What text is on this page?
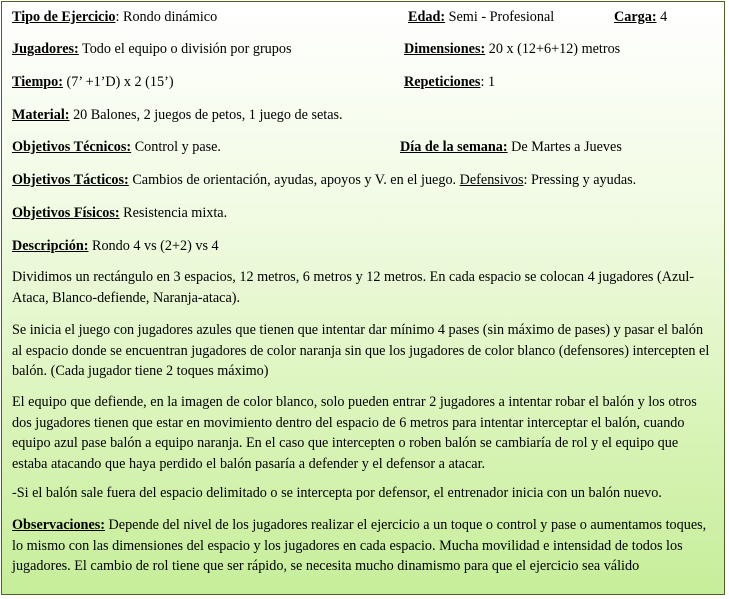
Tipo de Ejercicio: Rondo dinámico	Edad: Semi - Profesional	Carga: 4
Jugadores: Todo el equipo o división por grupos	Dimensiones: 20 x (12+6+12) metros
Tiempo: (7’ +1’D) x 2 (15’)	Repeticiones: 1
Material: 20 Balones, 2 juegos de petos, 1 juego de setas.
Objetivos Técnicos: Control y pase.	Día de la semana: De Martes a Jueves
Objetivos Tácticos: Cambios de orientación, ayudas, apoyos y V. en el juego. Defensivos: Pressing y ayudas.
Objetivos Físicos: Resistencia mixta.
Descripción: Rondo 4 vs (2+2) vs 4
Dividimos un rectángulo en 3 espacios, 12 metros, 6 metros y 12 metros. En cada espacio se colocan 4 jugadores (Azul-Ataca, Blanco-defiende, Naranja-ataca).
Se inicia el juego con jugadores azules que tienen que intentar dar mínimo 4 pases (sin máximo de pases) y pasar el balón al espacio donde se encuentran jugadores de color naranja sin que los jugadores de color blanco (defensores) intercepten el balón. (Cada jugador tiene 2 toques máximo)
El equipo que defiende, en la imagen de color blanco, solo pueden entrar 2 jugadores a intentar robar el balón y los otros dos jugadores tienen que estar en movimiento dentro del espacio de 6 metros para intentar interceptar el balón, cuando equipo azul pase balón a equipo naranja. En el caso que intercepten o roben balón se cambiaría de rol y el equipo que estaba atacando que haya perdido el balón pasaría a defender y el defensor a atacar.
-Si el balón sale fuera del espacio delimitado o se intercepta por defensor, el entrenador inicia con un balón nuevo.
Observaciones: Depende del nivel de los jugadores realizar el ejercicio a un toque o control y pase o aumentamos toques, lo mismo con las dimensiones del espacio y los jugadores en cada espacio. Mucha movilidad e intensidad de todos los jugadores. El cambio de rol tiene que ser rápido, se necesita mucho dinamismo para que el ejercicio sea válido
